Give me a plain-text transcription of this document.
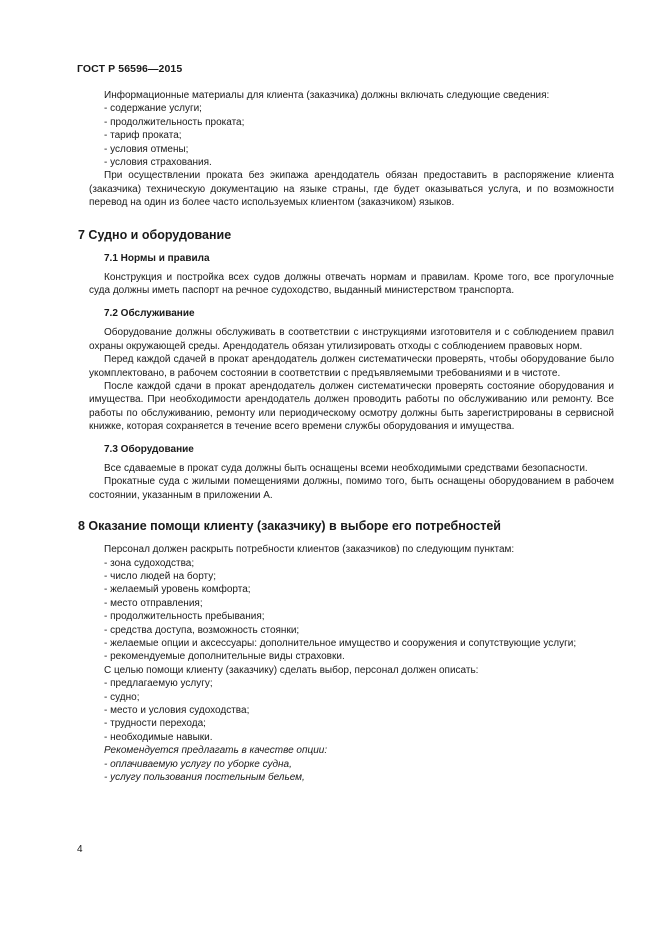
ГОСТ Р 56596—2015

Информационные материалы для клиента (заказчика) должны включать следующие сведения:

- содержание услуги;

- продолжительность проката;

- тариф проката;

- условия отмены;

- условия страхования.

При осуществлении проката без экипажа арендодатель обязан предоставить в распоряжение клиента (заказчика) техническую документацию на языке страны, где будет оказываться услуга, и по возможности перевод на один из более часто используемых клиентом (заказчиком) языков.

7 Судно и оборудование

7.1 Нормы и правила

Конструкция и постройка всех судов должны отвечать нормам и правилам. Кроме того, все прогулочные суда должны иметь паспорт на речное судоходство, выданный министерством транспорта.

7.2 Обслуживание

Оборудование должны обслуживать в соответствии с инструкциями изготовителя и с соблюдением правил охраны окружающей среды. Арендодатель обязан утилизировать отходы с соблюдением правовых норм.

Перед каждой сдачей в прокат арендодатель должен систематически проверять, чтобы оборудование было укомплектовано, в рабочем состоянии в соответствии с предъявляемыми требованиями и в чистоте.

После каждой сдачи в прокат арендодатель должен систематически проверять состояние оборудования и имущества. При необходимости арендодатель должен проводить работы по обслуживанию или ремонту. Все работы по обслуживанию, ремонту или периодическому осмотру должны быть зарегистрированы в сервисной книжке, которая сохраняется в течение всего времени службы оборудования и имущества.

7.3 Оборудование

Все сдаваемые в прокат суда должны быть оснащены всеми необходимыми средствами безопасности.

Прокатные суда с жилыми помещениями должны, помимо того, быть оснащены оборудованием в рабочем состоянии, указанным в приложении А.

8 Оказание помощи клиенту (заказчику) в выборе его потребностей

Персонал должен раскрыть потребности клиентов (заказчиков) по следующим пунктам:

- зона судоходства;

- число людей на борту;

- желаемый уровень комфорта;

- место отправления;

- продолжительность пребывания;

- средства доступа, возможность стоянки;

- желаемые опции и аксессуары: дополнительное имущество и сооружения и сопутствующие услуги;

- рекомендуемые дополнительные виды страховки.

С целью помощи клиенту (заказчику) сделать выбор, персонал должен описать:

- предлагаемую услугу;

- судно;

- место и условия судоходства;

- трудности перехода;

- необходимые навыки.

Рекомендуется предлагать в качестве опции:

- оплачиваемую услугу по уборке судна,

- услугу пользования постельным бельем,

4
